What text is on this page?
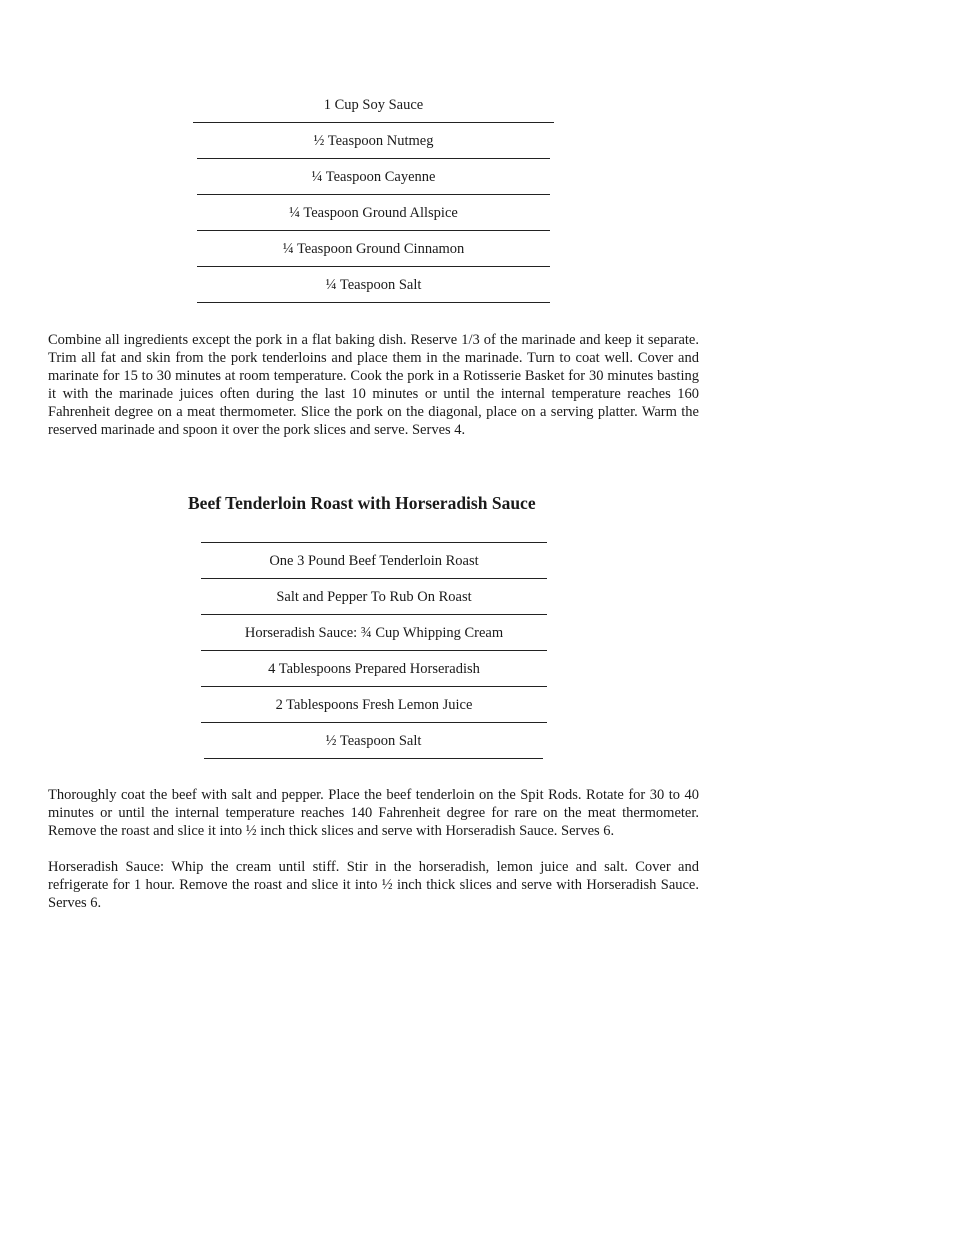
1 Cup Soy Sauce
½ Teaspoon Nutmeg
¼ Teaspoon Cayenne
¼ Teaspoon Ground Allspice
¼ Teaspoon Ground Cinnamon
¼ Teaspoon Salt

Combine all ingredients except the pork in a flat baking dish. Reserve 1/3 of the marinade and keep it separate. Trim all fat and skin from the pork tenderloins and place them in the marinade. Turn to coat well. Cover and marinate for 15 to 30 minutes at room temperature. Cook the pork in a Rotisserie Basket for 30 minutes basting it with the marinade juices often during the last 10 minutes or until the internal temperature reaches 160 Fahrenheit degree on a meat thermometer. Slice the pork on the diagonal, place on a serving platter. Warm the reserved marinade and spoon it over the pork slices and serve. Serves 4.

Beef Tenderloin Roast with Horseradish Sauce
One 3 Pound Beef Tenderloin Roast
Salt and Pepper To Rub On Roast
Horseradish Sauce: ¾ Cup Whipping Cream
4 Tablespoons Prepared Horseradish
2 Tablespoons Fresh Lemon Juice
½ Teaspoon Salt

Thoroughly coat the beef with salt and pepper. Place the beef tenderloin on the Spit Rods. Rotate for 30 to 40 minutes or until the internal temperature reaches 140 Fahrenheit degree for rare on the meat thermometer. Remove the roast and slice it into ½ inch thick slices and serve with Horseradish Sauce. Serves 6.

Horseradish Sauce: Whip the cream until stiff. Stir in the horseradish, lemon juice and salt. Cover and refrigerate for 1 hour. Remove the roast and slice it into ½ inch thick slices and serve with Horseradish Sauce. Serves 6.
